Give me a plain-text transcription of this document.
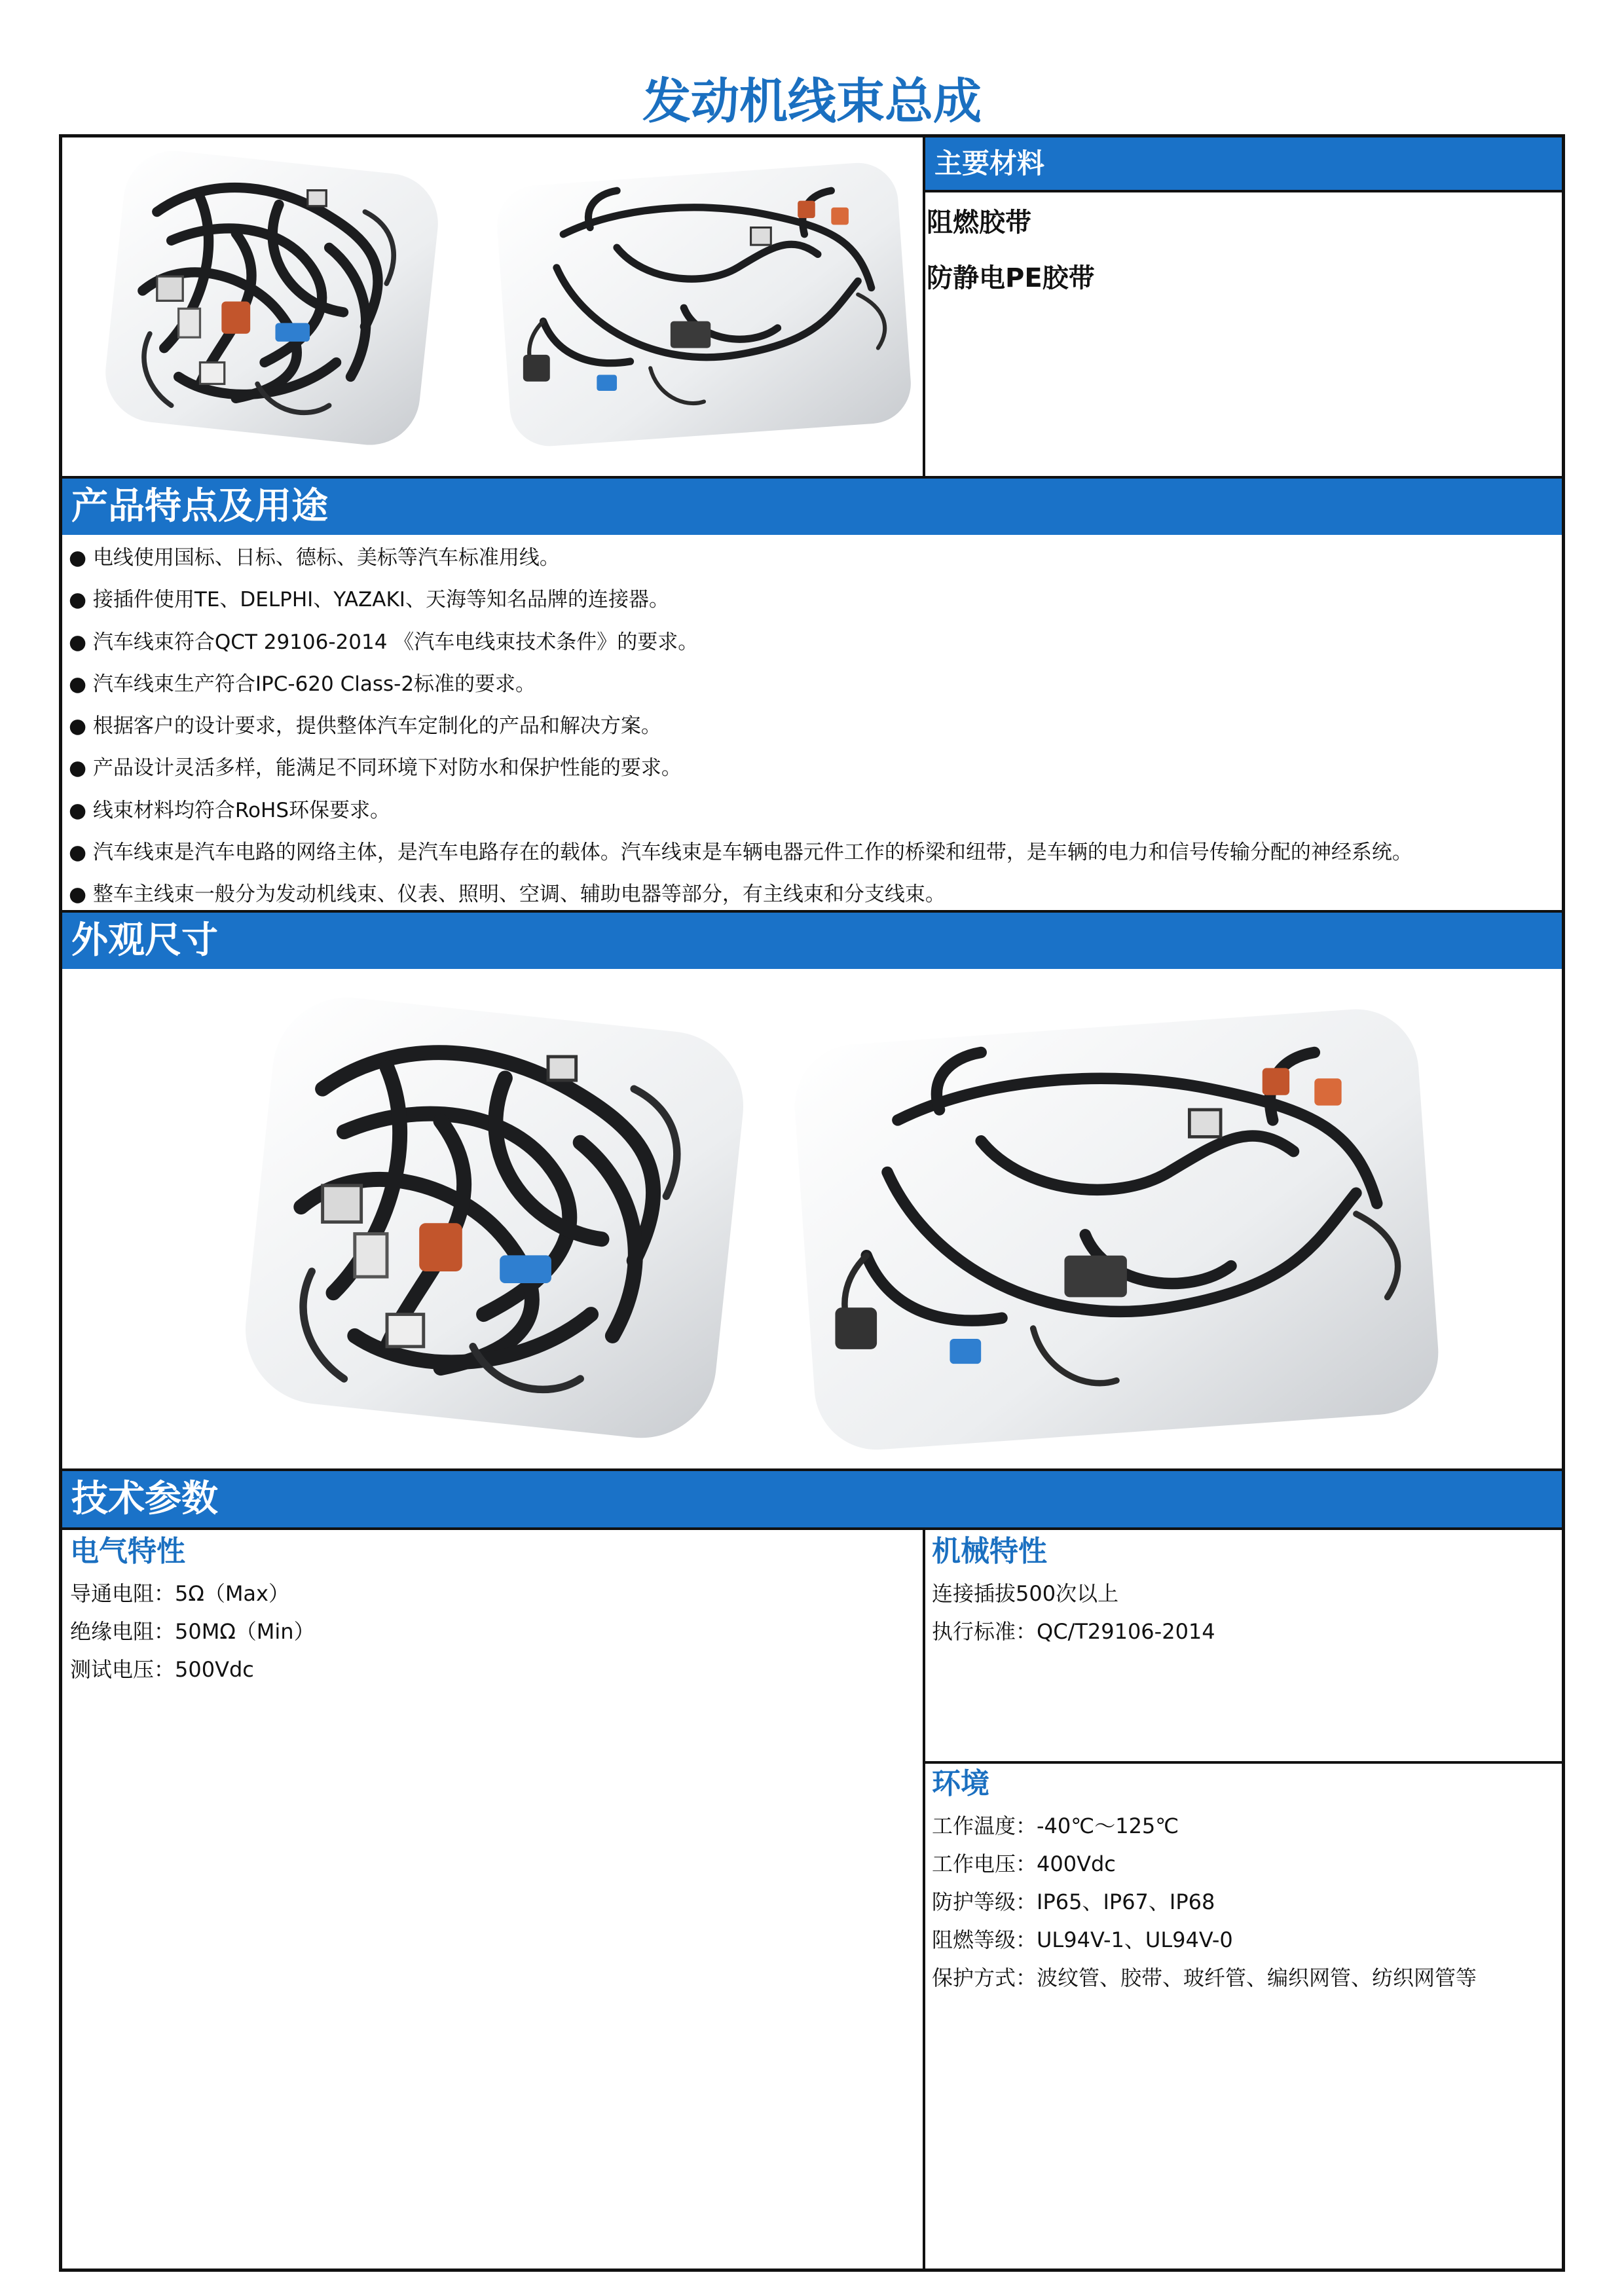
发动机线束总成
主要材料
阻燃胶带
防静电PE胶带
产品特点及用途
● 电线使用国标、日标、德标、美标等汽车标准用线。
● 接插件使用TE、DELPHI、YAZAKI、天海等知名品牌的连接器。
● 汽车线束符合QCT 29106-2014 《汽车电线束技术条件》的要求。
● 汽车线束生产符合IPC-620 Class-2标准的要求。
● 根据客户的设计要求，提供整体汽车定制化的产品和解决方案。
● 产品设计灵活多样，能满足不同环境下对防水和保护性能的要求。
● 线束材料均符合RoHS环保要求。
● 汽车线束是汽车电路的网络主体，是汽车电路存在的载体。汽车线束是车辆电器元件工作的桥梁和纽带，是车辆的电力和信号传输分配的神经系统。
● 整车主线束一般分为发动机线束、仪表、照明、空调、辅助电器等部分，有主线束和分支线束。
外观尺寸
技术参数
电气特性
导通电阻：5Ω（Max）
绝缘电阻：50MΩ（Min）
测试电压：500Vdc
机械特性
连接插拔500次以上
执行标准：QC/T29106-2014
环境
工作温度：-40℃～125℃
工作电压：400Vdc
防护等级：IP65、IP67、IP68
阻燃等级：UL94V-1、UL94V-0
保护方式：波纹管、胶带、玻纤管、编织网管、纺织网管等
